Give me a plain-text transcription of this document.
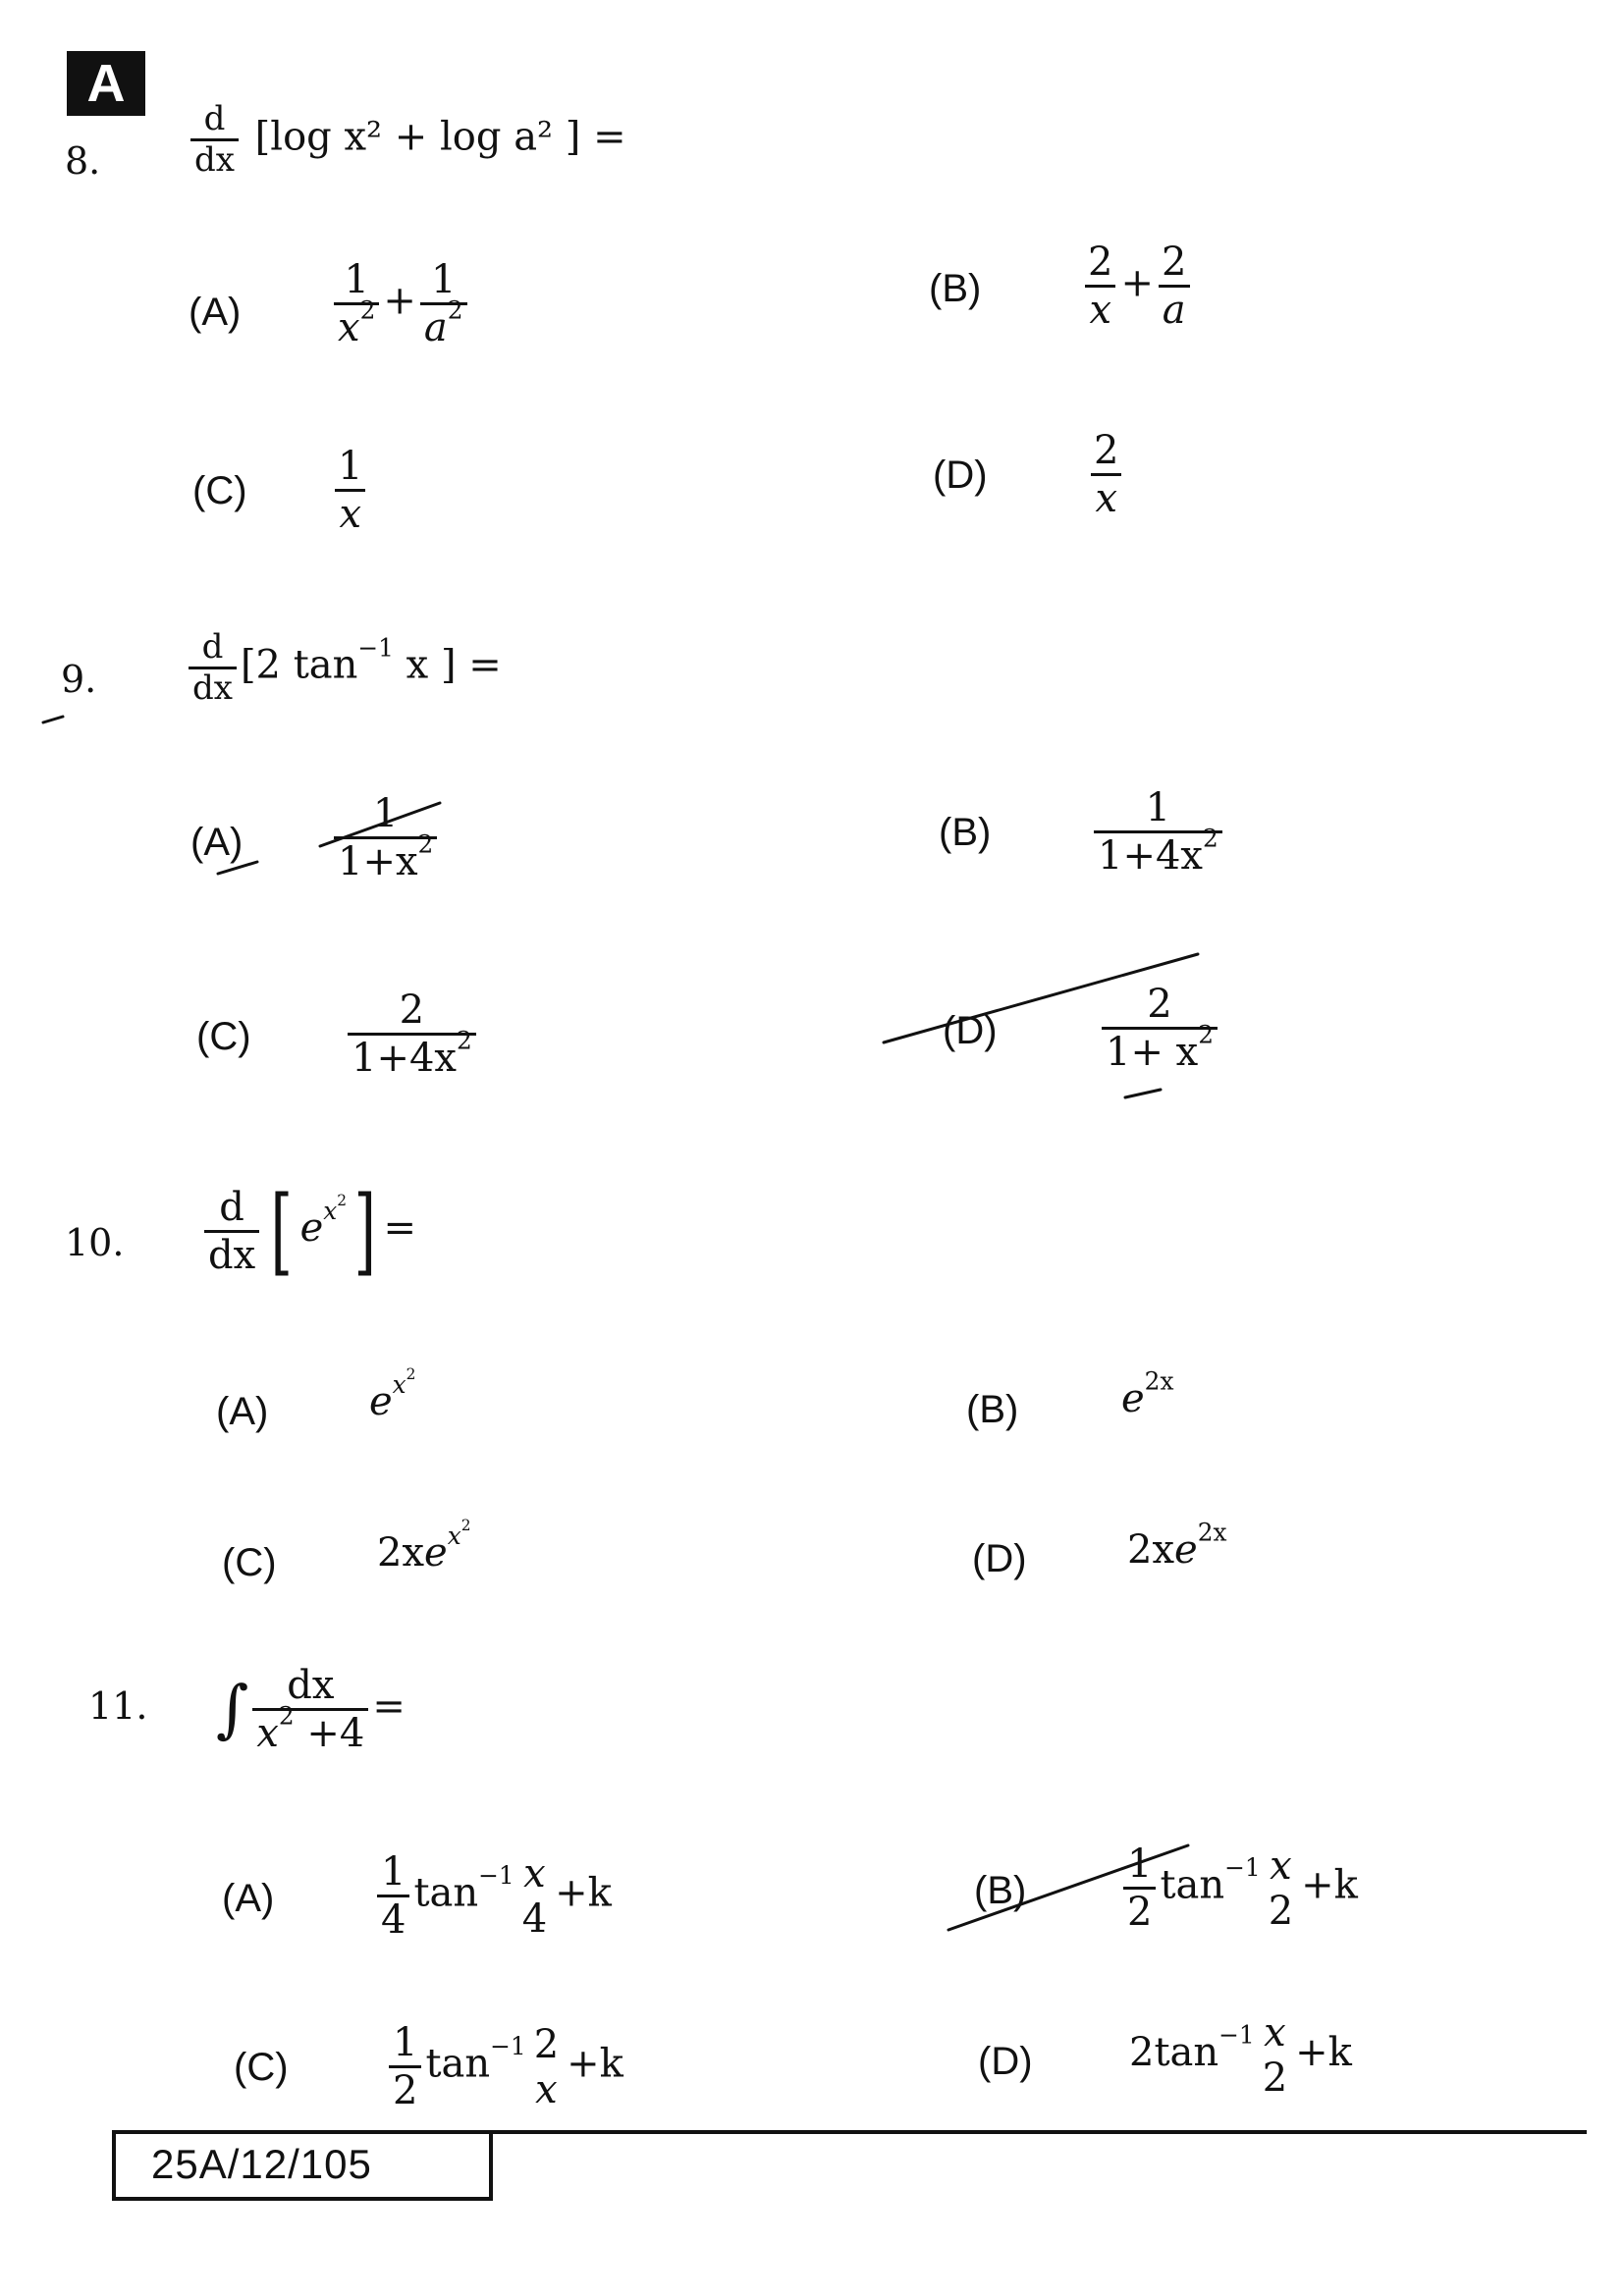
A
8.	$\frac{d}{dx} [\log$ x² + log a² ] =
$(A) \frac{1}{x^2} + \frac{1}{a^2}$	(B)	$\frac{2}{x} + \frac{2}{a}$
$(C) \frac{1}{x}$	(D)	$\frac{2}{x}$
9.	$\frac{d}{dx} [2$ $\tan^{-1} x$ ] =
$(A) \frac{1}{1+x^2}$	(B)	$\frac{1}{1+4x^2}$
$(C) \frac{2}{1+4x^2}$	(D)	$\frac{2}{1+ x^2}$
10. $\frac{d}{dx}$ [ $e^{x^2}$] =
(A)	$e^{x^2}$
(B)	$e^{2x}$
(C)	$2xe^{x^2}$
(D)	$2xe^{2x}$
11. ∫ $\frac{dx}{x^2 +4}$ =
(A)	$\frac{1}{4} \tan^{-1} x$
4
+k	$(B) \frac{1}{2} \tan^{-1} x$
2
+k
(C)	$\frac{1}{2} \tan^{-1} 2$
x
+k	(D) $2\tan^{-1}$ x
2
+k
25A/12/105
